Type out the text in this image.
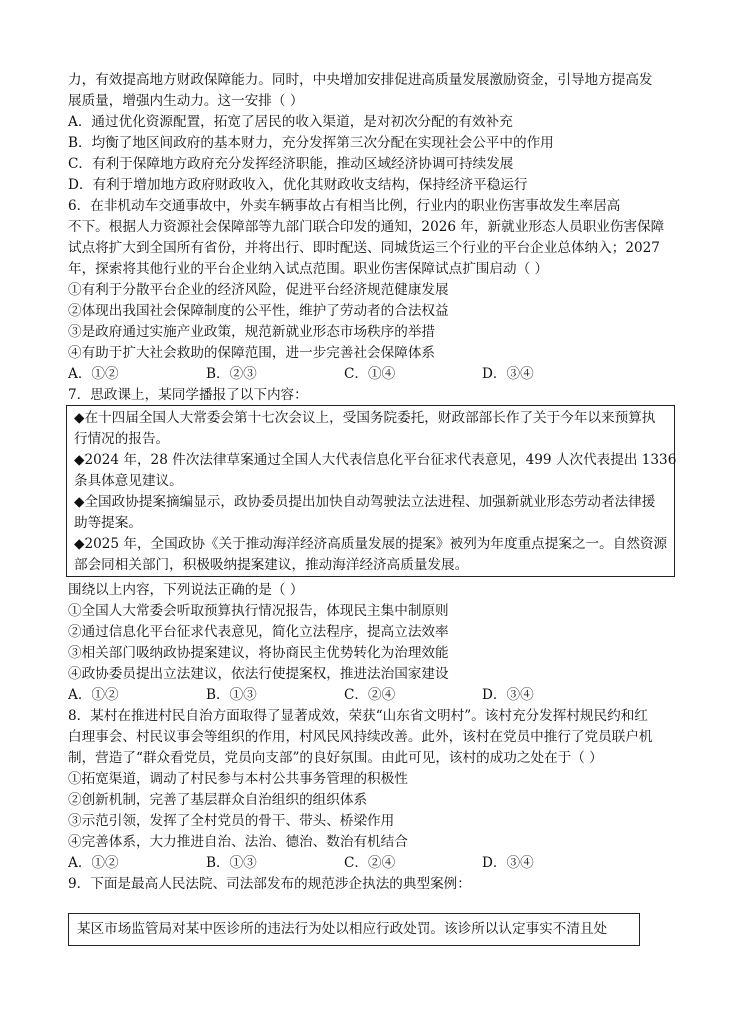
力，有效提高地方财政保障能力。同时，中央增加安排促进高质量发展激励资金，引导地方提高发
展质量，增强内生动力。这一安排（ ）
A．通过优化资源配置，拓宽了居民的收入渠道，是对初次分配的有效补充
B．均衡了地区间政府的基本财力，充分发挥第三次分配在实现社会公平中的作用
C．有利于保障地方政府充分发挥经济职能，推动区域经济协调可持续发展
D．有利于增加地方政府财政收入，优化其财政收支结构，保持经济平稳运行
6．在非机动车交通事故中，外卖车辆事故占有相当比例，行业内的职业伤害事故发生率居高
不下。根据人力资源社会保障部等九部门联合印发的通知，2026 年，新就业形态人员职业伤害保障
试点将扩大到全国所有省份，并将出行、即时配送、同城货运三个行业的平台企业总体纳入；2027
年，探索将其他行业的平台企业纳入试点范围。职业伤害保障试点扩围启动（ ）
①有利于分散平台企业的经济风险，促进平台经济规范健康发展
②体现出我国社会保障制度的公平性，维护了劳动者的合法权益
③是政府通过实施产业政策，规范新就业形态市场秩序的举措
④有助于扩大社会救助的保障范围，进一步完善社会保障体系
A．①②	B．②③	C．①④	D．③④
7．思政课上，某同学播报了以下内容：
◆在十四届全国人大常委会第十七次会议上，受国务院委托，财政部部长作了关于今年以来预算执
行情况的报告。
◆2024 年，28 件次法律草案通过全国人大代表信息化平台征求代表意见，499 人次代表提出 1336
条具体意见建议。
◆全国政协提案摘编显示，政协委员提出加快自动驾驶法立法进程、加强新就业形态劳动者法律援
助等提案。
◆2025 年，全国政协《关于推动海洋经济高质量发展的提案》被列为年度重点提案之一。自然资源
部会同相关部门，积极吸纳提案建议，推动海洋经济高质量发展。
围绕以上内容，下列说法正确的是（ ）
①全国人大常委会听取预算执行情况报告，体现民主集中制原则
②通过信息化平台征求代表意见，简化立法程序，提高立法效率
③相关部门吸纳政协提案建议，将协商民主优势转化为治理效能
④政协委员提出立法建议，依法行使提案权，推进法治国家建设
A．①②	B．①③	C．②④	D．③④
8．某村在推进村民自治方面取得了显著成效，荣获“山东省文明村”。该村充分发挥村规民约和红
白理事会、村民议事会等组织的作用，村风民风持续改善。此外，该村在党员中推行了党员联户机
制，营造了“群众看党员，党员向支部”的良好氛围。由此可见，该村的成功之处在于（ ）
①拓宽渠道，调动了村民参与本村公共事务管理的积极性
②创新机制，完善了基层群众自治组织的组织体系
③示范引领，发挥了全村党员的骨干、带头、桥梁作用
④完善体系，大力推进自治、法治、德治、数治有机结合
A．①②	B．①③	C．②④	D．③④
9．下面是最高人民法院、司法部发布的规范涉企执法的典型案例：
某区市场监管局对某中医诊所的违法行为处以相应行政处罚。该诊所以认定事实不清且处
